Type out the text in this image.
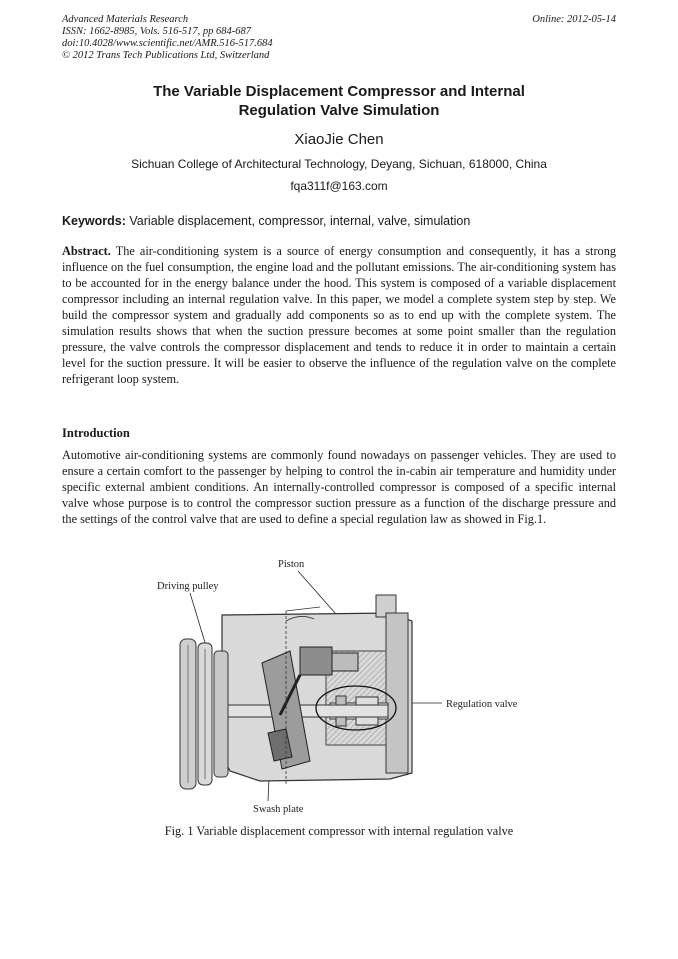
Advanced Materials Research
ISSN: 1662-8985, Vols. 516-517, pp 684-687
doi:10.4028/www.scientific.net/AMR.516-517.684
© 2012 Trans Tech Publications Ltd, Switzerland
Online: 2012-05-14
The Variable Displacement Compressor and Internal
Regulation Valve Simulation
XiaoJie Chen
Sichuan College of Architectural Technology, Deyang, Sichuan, 618000, China
fqa311f@163.com
Keywords: Variable displacement, compressor, internal, valve, simulation
Abstract. The air-conditioning system is a source of energy consumption and consequently, it has a strong influence on the fuel consumption, the engine load and the pollutant emissions. The air-conditioning system has to be accounted for in the energy balance under the hood. This system is composed of a variable displacement compressor including an internal regulation valve. In this paper, we model a complete system step by step. We build the compressor system and gradually add components so as to end up with the complete system. The simulation results shows that when the suction pressure becomes at some point smaller than the regulation pressure, the valve controls the compressor displacement and tends to reduce it in order to maintain a certain level for the suction pressure. It will be easier to observe the influence of the regulation valve on the complete refrigerant loop system.
Introduction
Automotive air-conditioning systems are commonly found nowadays on passenger vehicles. They are used to ensure a certain comfort to the passenger by helping to control the in-cabin air temperature and humidity under specific external ambient conditions. An internally-controlled compressor is composed of a specific internal valve whose purpose is to control the compressor suction pressure as a function of the discharge pressure and the settings of the control valve that are used to define a special regulation law as showed in Fig.1.
Piston
Driving pulley
Regulation valve
Swash plate
Fig. 1 Variable displacement compressor with internal regulation valve
